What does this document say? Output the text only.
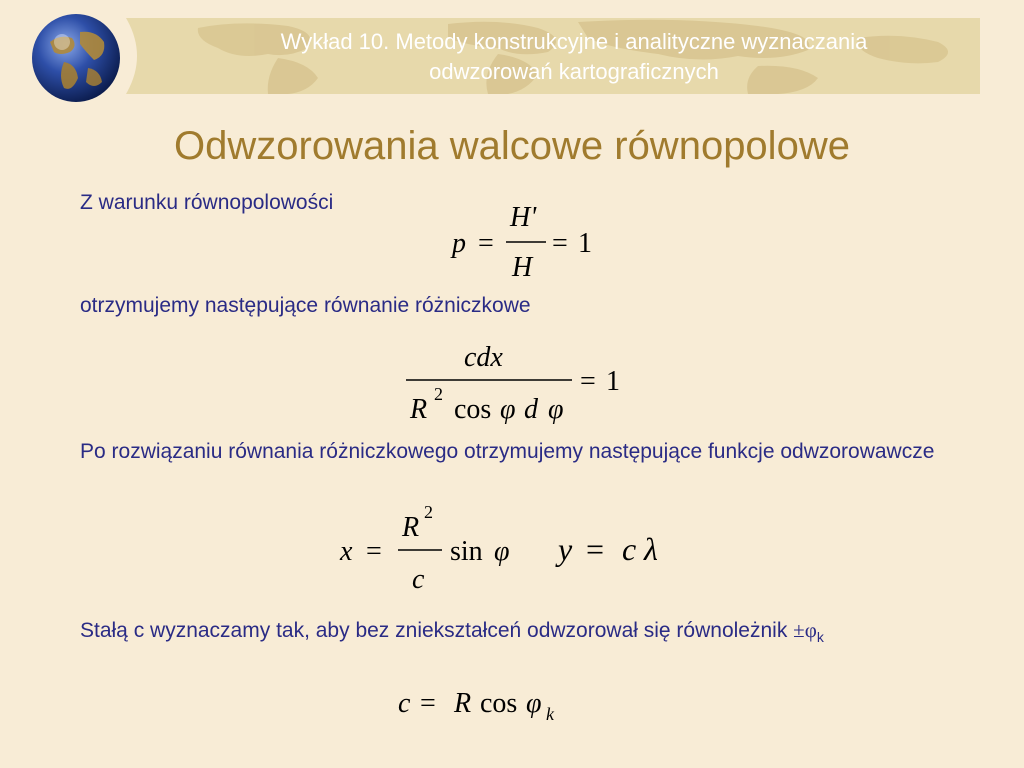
Wykład 10. Metody konstrukcyjne i analityczne wyznaczania
odwzorowań kartograficznych
Odwzorowania walcowe równopolowe
Z warunku równopolowości
p =
H'
H
= 1
otrzymujemy następujące równanie różniczkowe
cdx
R 2 cos φ d φ
= 1
Po rozwiązaniu równania różniczkowego otrzymujemy następujące funkcje odwzorowawcze
x =
R 2
c
sin φ y = c λ
Stałą c wyznaczamy tak, aby bez zniekształceń odwzorował się równoleżnik $\pm\varphi_k$
c = R cos φ k
